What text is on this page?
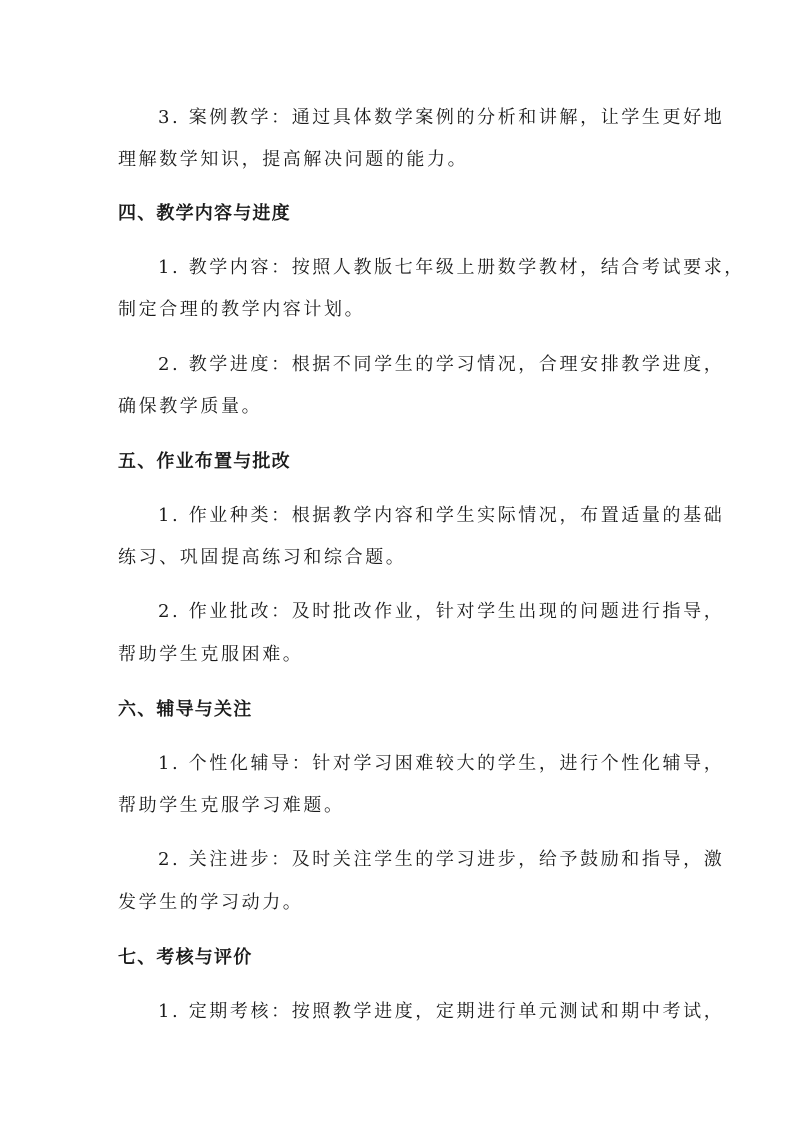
3. 案例教学：通过具体数学案例的分析和讲解，让学生更好地
理解数学知识，提高解决问题的能力。
四、教学内容与进度
1. 教学内容：按照人教版七年级上册数学教材，结合考试要求，
制定合理的教学内容计划。
2. 教学进度：根据不同学生的学习情况，合理安排教学进度，
确保教学质量。
五、作业布置与批改
1. 作业种类：根据教学内容和学生实际情况，布置适量的基础
练习、巩固提高练习和综合题。
2. 作业批改：及时批改作业，针对学生出现的问题进行指导，
帮助学生克服困难。
六、辅导与关注
1. 个性化辅导：针对学习困难较大的学生，进行个性化辅导，
帮助学生克服学习难题。
2. 关注进步：及时关注学生的学习进步，给予鼓励和指导，激
发学生的学习动力。
七、考核与评价
1. 定期考核：按照教学进度，定期进行单元测试和期中考试，
